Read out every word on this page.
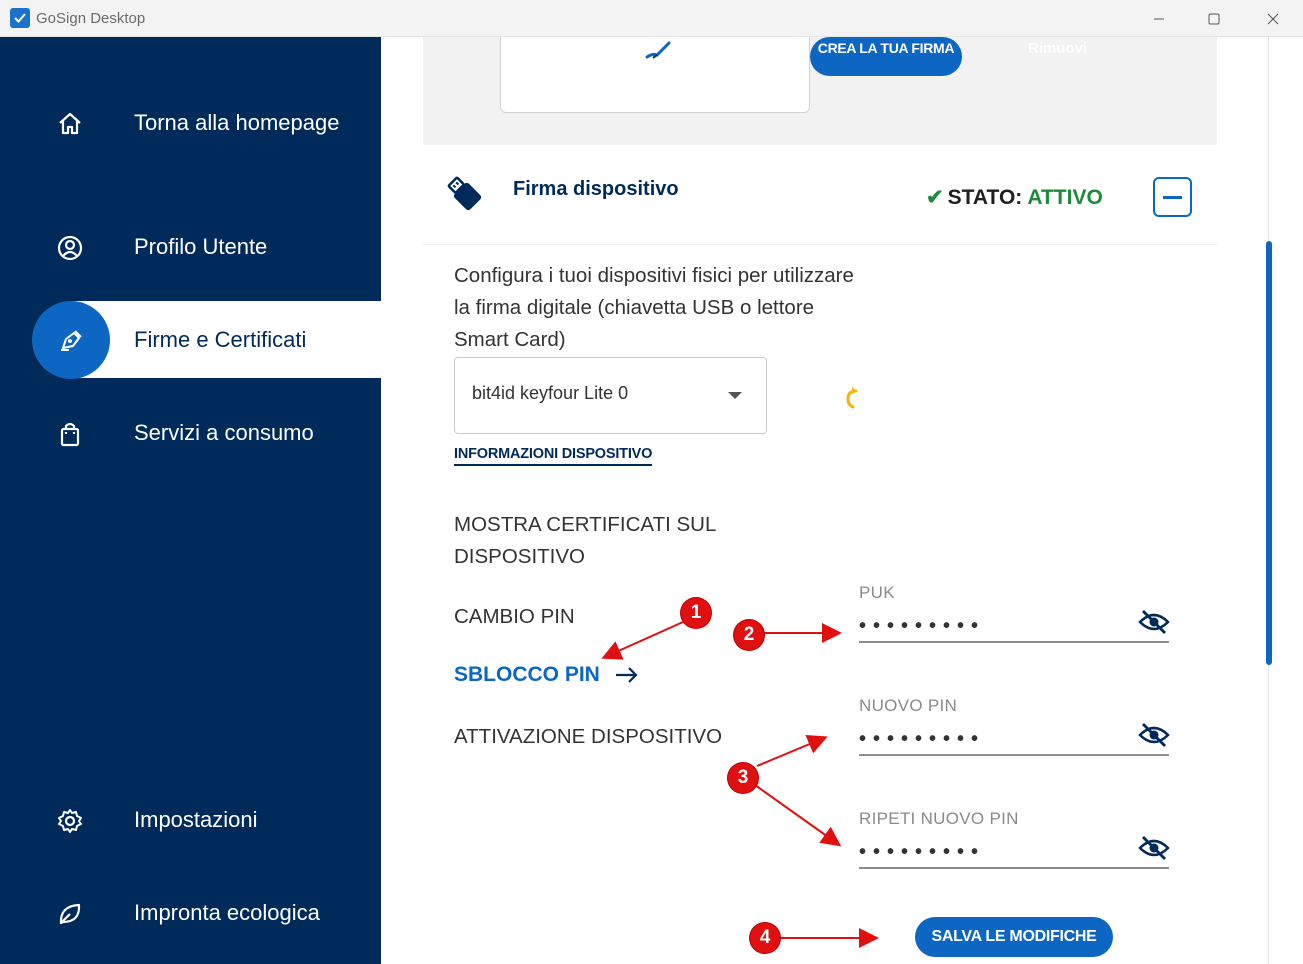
GoSign Desktop
Torna alla homepage
Profilo Utente
Firme e Certificati
Servizi a consumo
Impostazioni
Impronta ecologica
CREA LA TUA FIRMA	Rimuovi
Firma dispositivo	✔ STATO: ATTIVO
Configura i tuoi dispositivi fisici per utilizzare la firma digitale (chiavetta USB o lettore Smart Card)
bit4id keyfour Lite 0
INFORMAZIONI DISPOSITIVO
MOSTRA CERTIFICATI SUL DISPOSITIVO
CAMBIO PIN
SBLOCCO PIN
ATTIVAZIONE DISPOSITIVO
PUK
•••••••••
NUOVO PIN
•••••••••
RIPETI NUOVO PIN
•••••••••
SALVA LE MODIFICHE
1
2
3
4
